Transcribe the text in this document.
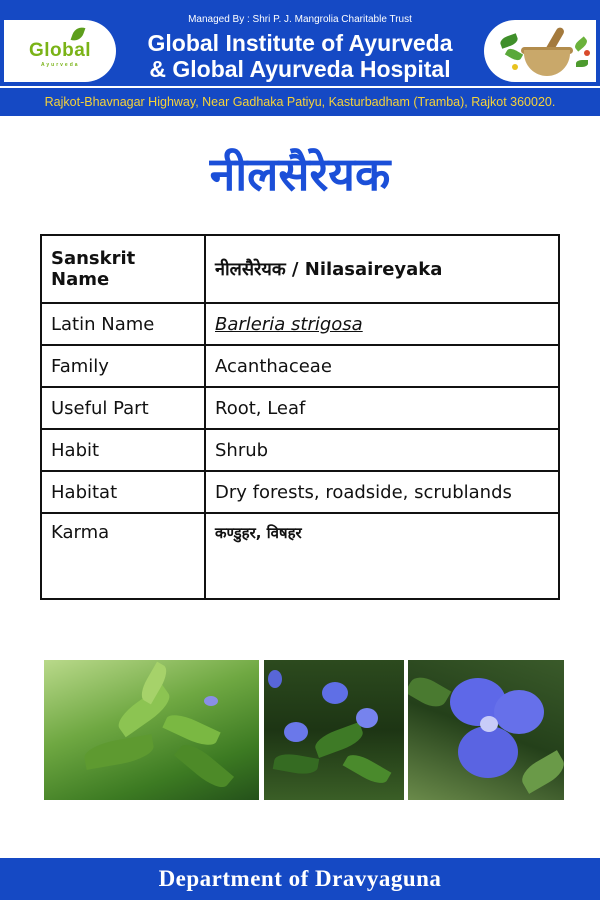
Global
Ayurveda
Managed By : Shri P. J. Mangrolia Charitable Trust
Global Institute of Ayurveda
& Global Ayurveda Hospital
Rajkot-Bhavnagar Highway, Near Gadhaka Patiyu, Kasturbadham (Tramba), Rajkot 360020.
नीलसैरेयक
Sanskrit Name	नीलसैरेयक / Nilasaireyaka
Latin Name	Barleria strigosa
Family	Acanthaceae
Useful Part	Root, Leaf
Habit	Shrub
Habitat	Dry forests, roadside, scrublands
Karma	कण्डुहर, विषहर
Department of Dravyaguna
